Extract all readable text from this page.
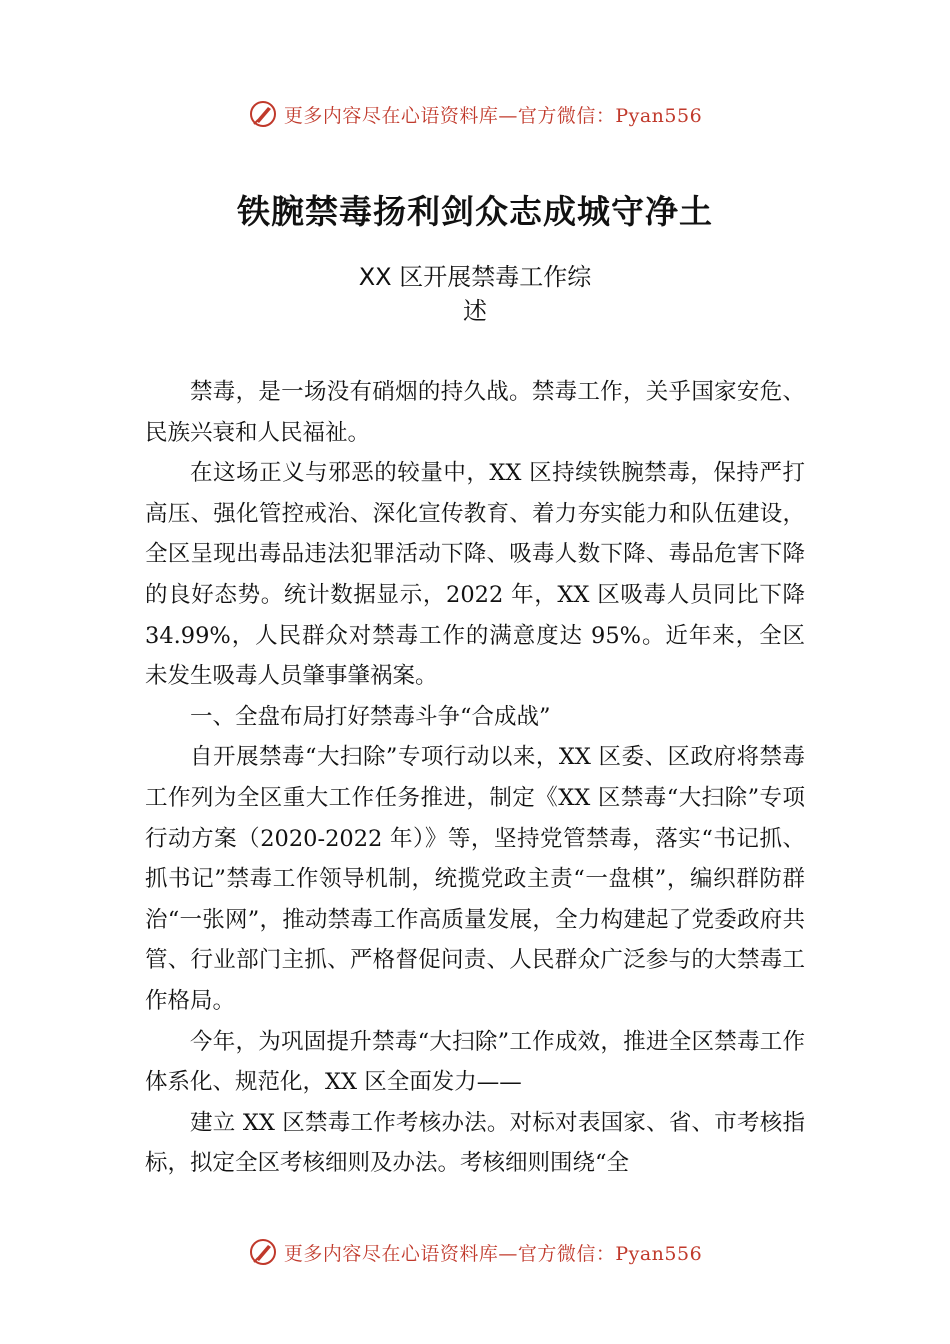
更多内容尽在心语资料库—官方微信：Pyan556
铁腕禁毒扬利剑众志成城守净土
XX 区开展禁毒工作综
述

禁毒，是一场没有硝烟的持久战。禁毒工作，关乎国家安危、民族兴衰和人民福祉。

在这场正义与邪恶的较量中，XX 区持续铁腕禁毒，保持严打高压、强化管控戒治、深化宣传教育、着力夯实能力和队伍建设，全区呈现出毒品违法犯罪活动下降、吸毒人数下降、毒品危害下降的良好态势。统计数据显示，2022 年，XX 区吸毒人员同比下降 34.99%，人民群众对禁毒工作的满意度达 95%。近年来，全区未发生吸毒人员肇事肇祸案。

一、全盘布局打好禁毒斗争“合成战”

自开展禁毒“大扫除”专项行动以来，XX 区委、区政府将禁毒工作列为全区重大工作任务推进，制定《XX 区禁毒“大扫除”专项行动方案（2020-2022 年）》等，坚持党管禁毒，落实“书记抓、抓书记”禁毒工作领导机制，统揽党政主责“一盘棋”，编织群防群治“一张网”，推动禁毒工作高质量发展，全力构建起了党委政府共管、行业部门主抓、严格督促问责、人民群众广泛参与的大禁毒工作格局。

今年，为巩固提升禁毒“大扫除”工作成效，推进全区禁毒工作体系化、规范化，XX 区全面发力——

建立 XX 区禁毒工作考核办法。对标对表国家、省、市考核指标，拟定全区考核细则及办法。考核细则围绕“全

更多内容尽在心语资料库—官方微信：Pyan556
